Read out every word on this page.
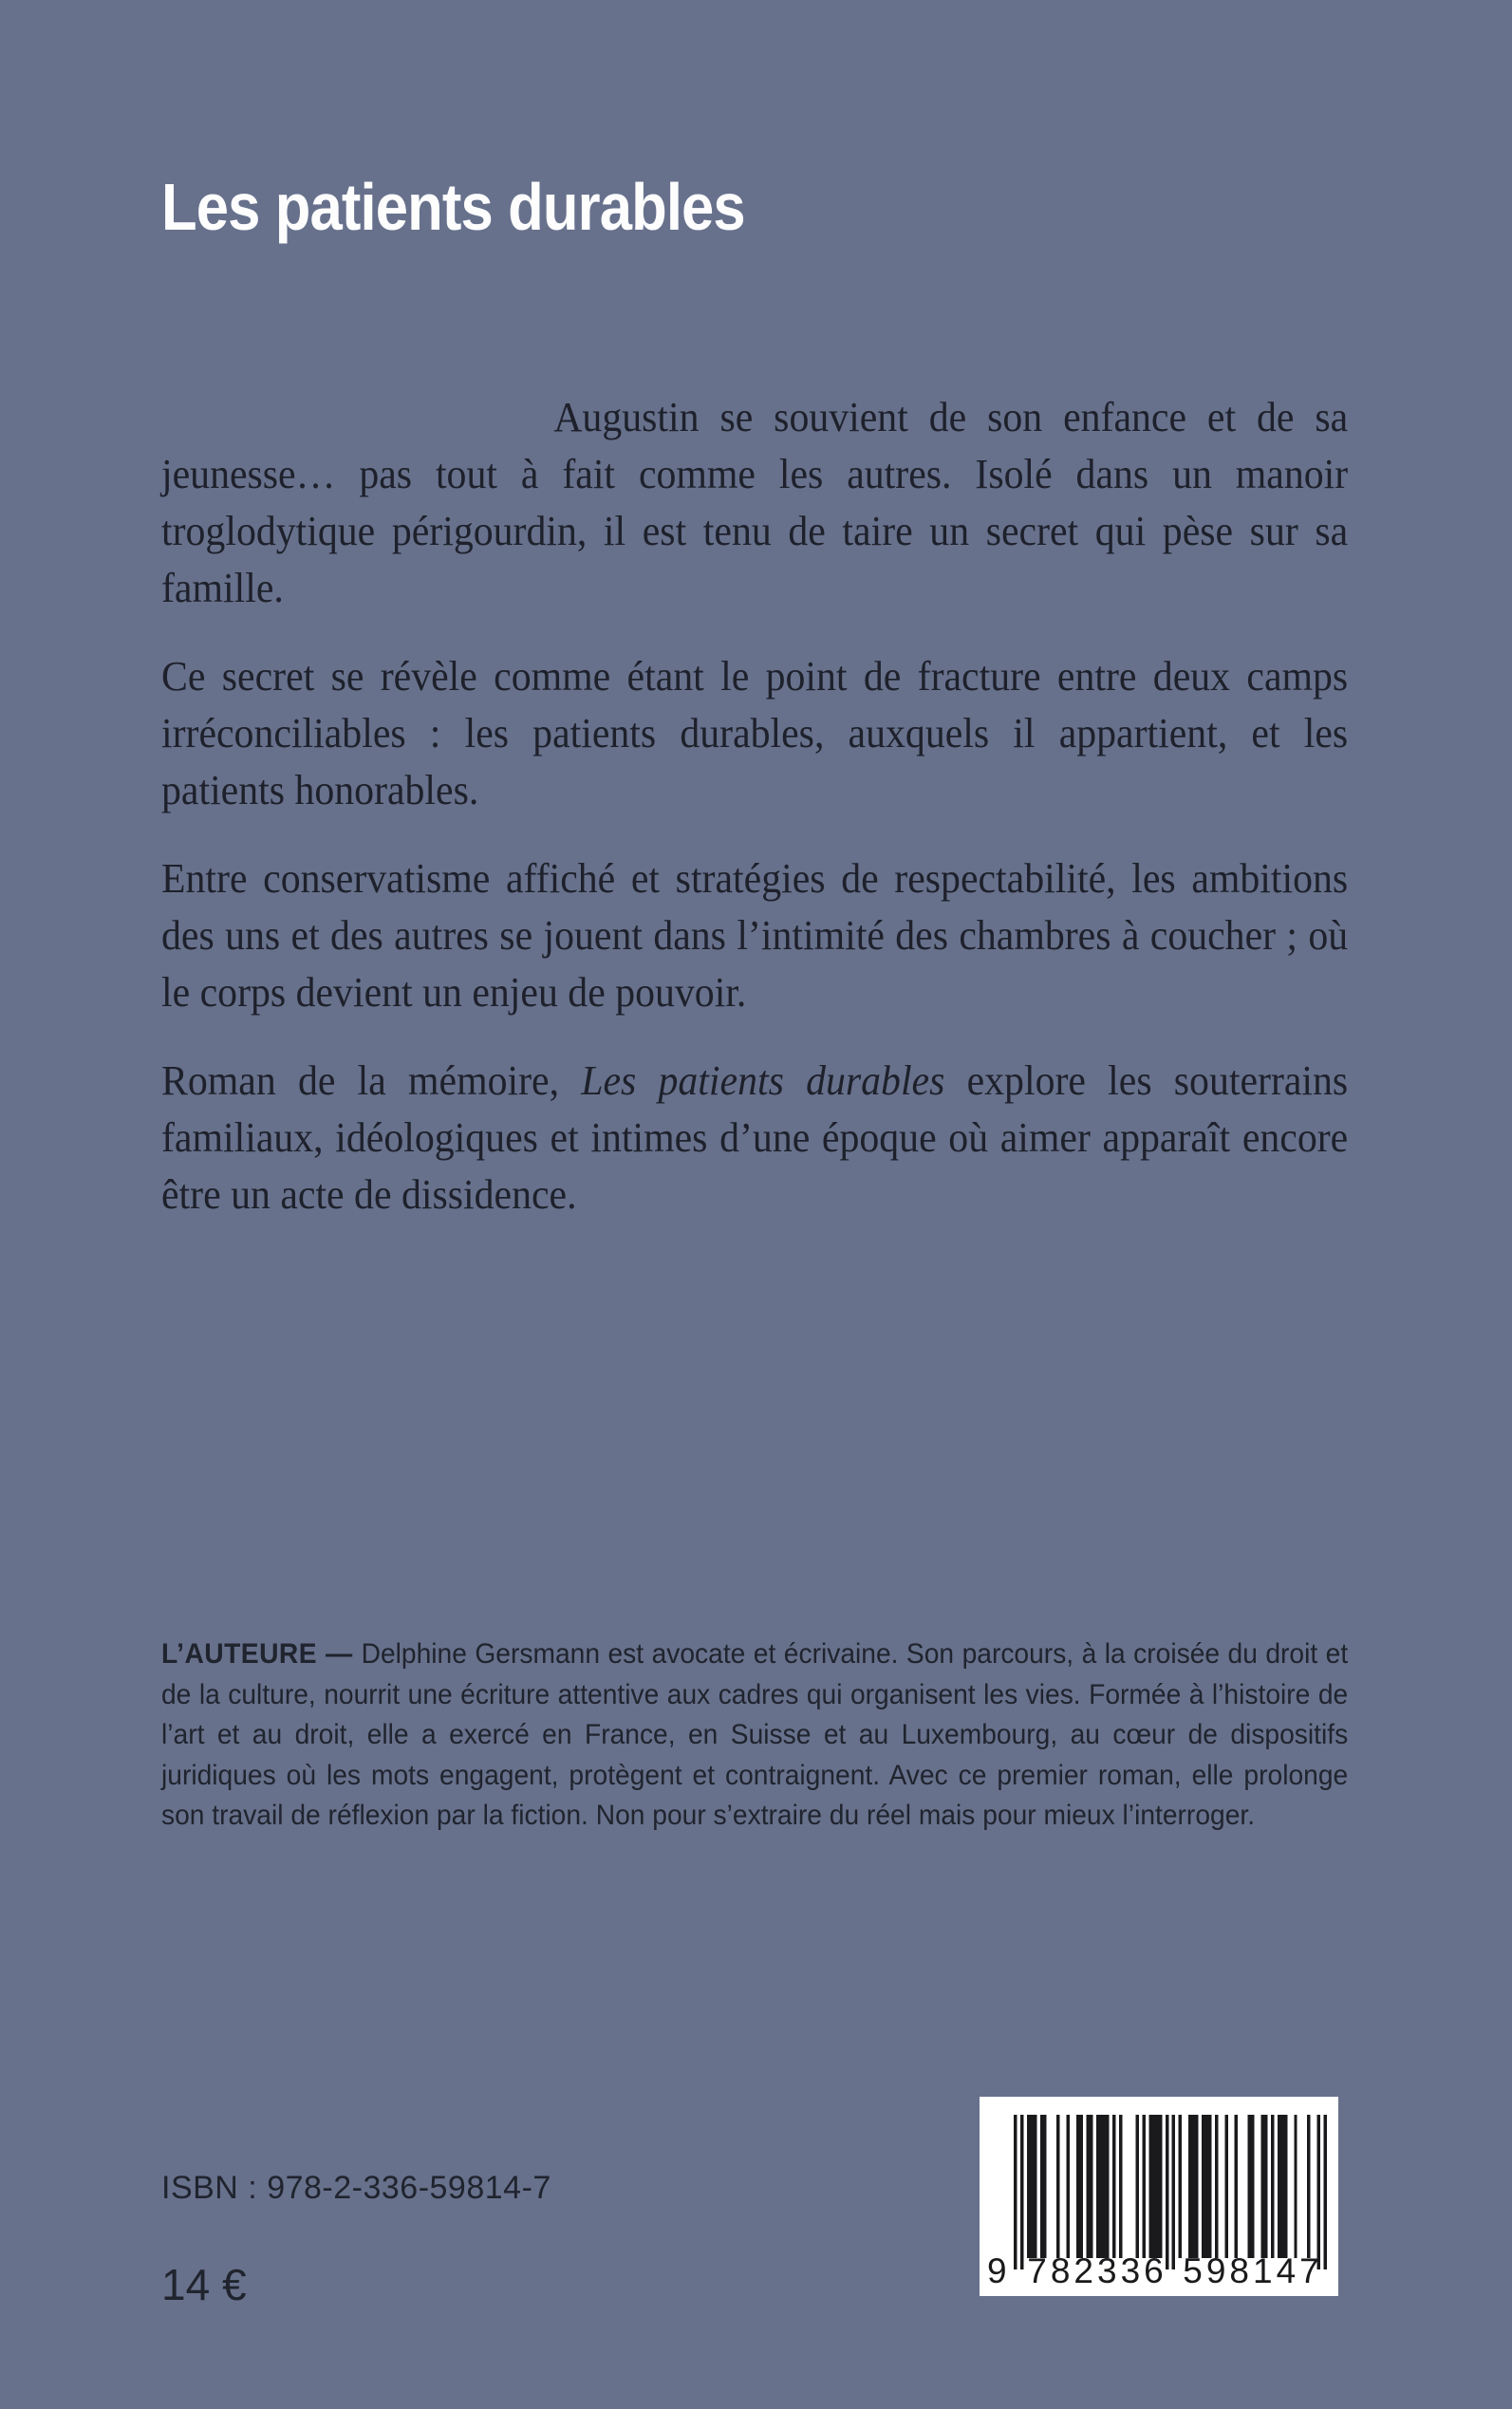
Les patients durables

Augustin se souvient de son enfance et de sa jeunesse… pas tout à fait comme les autres. Isolé dans un manoir troglodytique périgourdin, il est tenu de taire un secret qui pèse sur sa famille.

Ce secret se révèle comme étant le point de fracture entre deux camps irréconciliables : les patients durables, auxquels il appartient, et les patients honorables.

Entre conservatisme affiché et stratégies de respectabilité, les ambitions des uns et des autres se jouent dans l’intimité des chambres à coucher ; où le corps devient un enjeu de pouvoir.

Roman de la mémoire, Les patients durables explore les souterrains familiaux, idéologiques et intimes d’une époque où aimer apparaît encore être un acte de dissidence.

L’AUTEURE — Delphine Gersmann est avocate et écrivaine. Son parcours, à la croisée du droit et de la culture, nourrit une écriture attentive aux cadres qui organisent les vies. Formée à l’histoire de l’art et au droit, elle a exercé en France, en Suisse et au Luxembourg, au cœur de dispositifs juridiques où les mots engagent, protègent et contraignent. Avec ce premier roman, elle prolonge son travail de réflexion par la fiction. Non pour s’extraire du réel mais pour mieux l’interroger.

ISBN : 978-2-336-59814-7
14 €	9 782336 598147
